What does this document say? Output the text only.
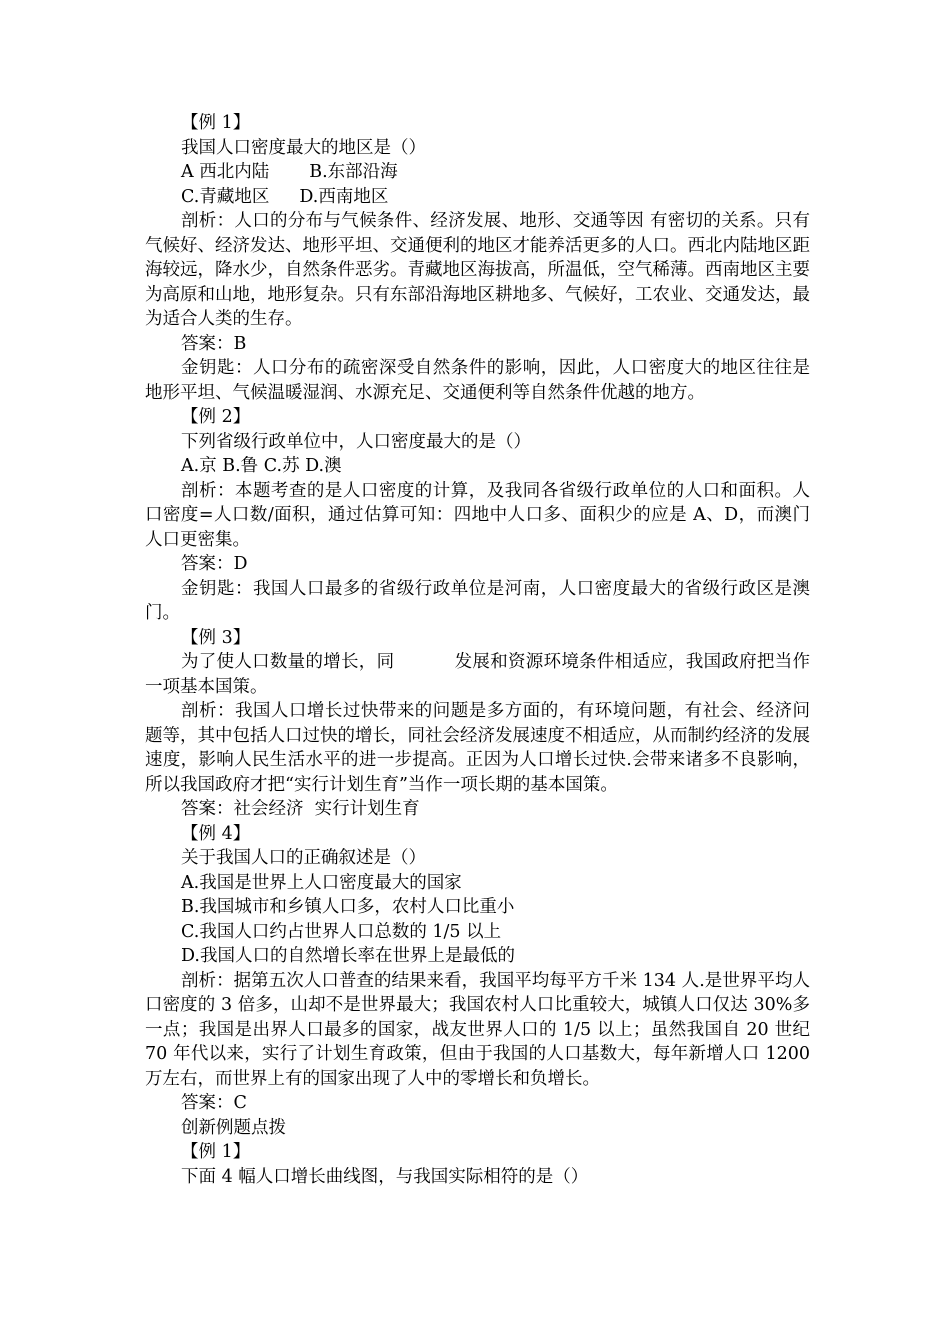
【例 1】
我国人口密度最大的地区是（）
A 西北内陆 B.东部沿海
C.青藏地区 D.西南地区
剖析：人口的分布与气候条件、经济发展、地形、交通等因 有密切的关系。只有气候好、经济发达、地形平坦、交通便利的地区才能养活更多的人口。西北内陆地区距海较远，降水少，自然条件恶劣。青藏地区海拔高，所温低，空气稀薄。西南地区主要为高原和山地，地形复杂。只有东部沿海地区耕地多、气候好，工农业、交通发达，最为适合人类的生存。
答案：B
金钥匙：人口分布的疏密深受自然条件的影响，因此，人口密度大的地区往往是地形平坦、气候温暖湿润、水源充足、交通便利等自然条件优越的地方。
【例 2】
下列省级行政单位中，人口密度最大的是（）
A.京 B.鲁 C.苏 D.澳
剖析：本题考查的是人口密度的计算，及我同各省级行政单位的人口和面积。人口密度=人口数/面积，通过估算可知：四地中人口多、面积少的应是 A、D，而澳门人口更密集。
答案：D
金钥匙：我国人口最多的省级行政单位是河南，人口密度最大的省级行政区是澳门。
【例 3】
为了使人口数量的增长，同	发展和资源环境条件相适应，我国政府把当作一项基本国策。
剖析：我国人口增长过快带来的问题是多方面的，有环境问题，有社会、经济问题等，其中包括人口过快的增长，同社会经济发展速度不相适应，从而制约经济的发展速度，影响人民生活水平的进一步提高。正因为人口增长过快.会带来诸多不良影响，所以我国政府才把“实行计划生育”当作一项长期的基本国策。
答案：社会经济  实行计划生育
【例 4】
关于我国人口的正确叙述是（）
A.我国是世界上人口密度最大的国家
B.我国城市和乡镇人口多，农村人口比重小
C.我国人口约占世界人口总数的 1/5 以上
D.我国人口的自然增长率在世界上是最低的
剖析：据第五次人口普查的结果来看，我国平均每平方千米 134 人.是世界平均人口密度的 3 倍多，山却不是世界最大；我国农村人口比重较大，城镇人口仅达 30%多一点；我国是出界人口最多的国家，战友世界人口的 1/5 以上；虽然我国自 20 世纪 70 年代以来，实行了计划生育政策，但由于我国的人口基数大，每年新增人口 1200 万左右，而世界上有的国家出现了人中的零增长和负增长。
答案：C
创新例题点拨
【例 1】
下面 4 幅人口增长曲线图，与我国实际相符的是（）
